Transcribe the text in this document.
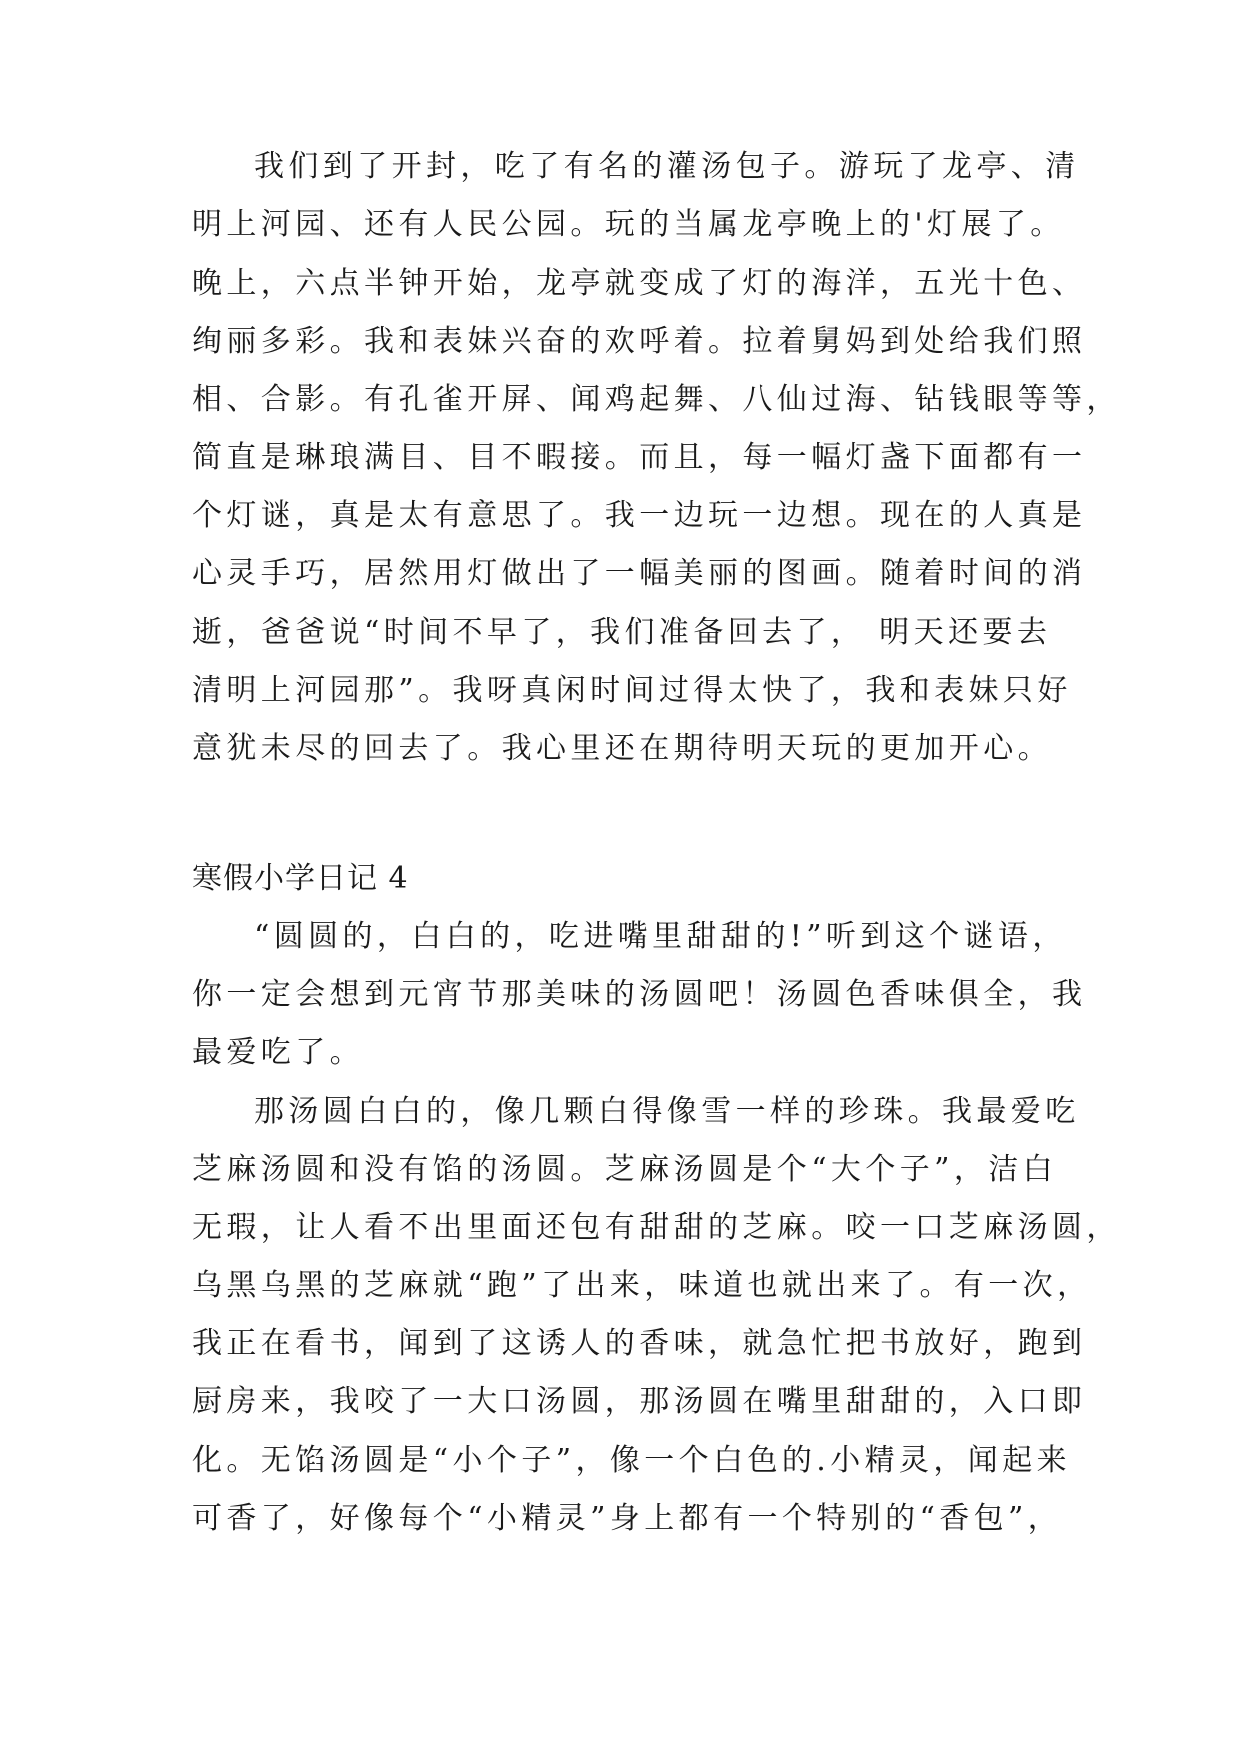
我们到了开封，吃了有名的灌汤包子。游玩了龙亭、清
明上河园、还有人民公园。玩的当属龙亭晚上的'灯展了。
晚上，六点半钟开始，龙亭就变成了灯的海洋，五光十色、
绚丽多彩。我和表妹兴奋的欢呼着。拉着舅妈到处给我们照
相、合影。有孔雀开屏、闻鸡起舞、八仙过海、钻钱眼等等，
简直是琳琅满目、目不暇接。而且，每一幅灯盏下面都有一
个灯谜，真是太有意思了。我一边玩一边想。现在的人真是
心灵手巧，居然用灯做出了一幅美丽的图画。随着时间的消
逝，爸爸说“时间不早了，我们准备回去了， 明天还要去
清明上河园那”。我呀真闲时间过得太快了，我和表妹只好
意犹未尽的回去了。我心里还在期待明天玩的更加开心。
寒假小学日记 4
“圆圆的，白白的，吃进嘴里甜甜的!”听到这个谜语，
你一定会想到元宵节那美味的汤圆吧！汤圆色香味俱全，我
最爱吃了。
那汤圆白白的，像几颗白得像雪一样的珍珠。我最爱吃
芝麻汤圆和没有馅的汤圆。芝麻汤圆是个“大个子”，洁白
无瑕，让人看不出里面还包有甜甜的芝麻。咬一口芝麻汤圆，
乌黑乌黑的芝麻就“跑”了出来，味道也就出来了。有一次，
我正在看书，闻到了这诱人的香味，就急忙把书放好，跑到
厨房来，我咬了一大口汤圆，那汤圆在嘴里甜甜的，入口即
化。无馅汤圆是“小个子”，像一个白色的.小精灵，闻起来
可香了，好像每个“小精灵”身上都有一个特别的“香包”，
